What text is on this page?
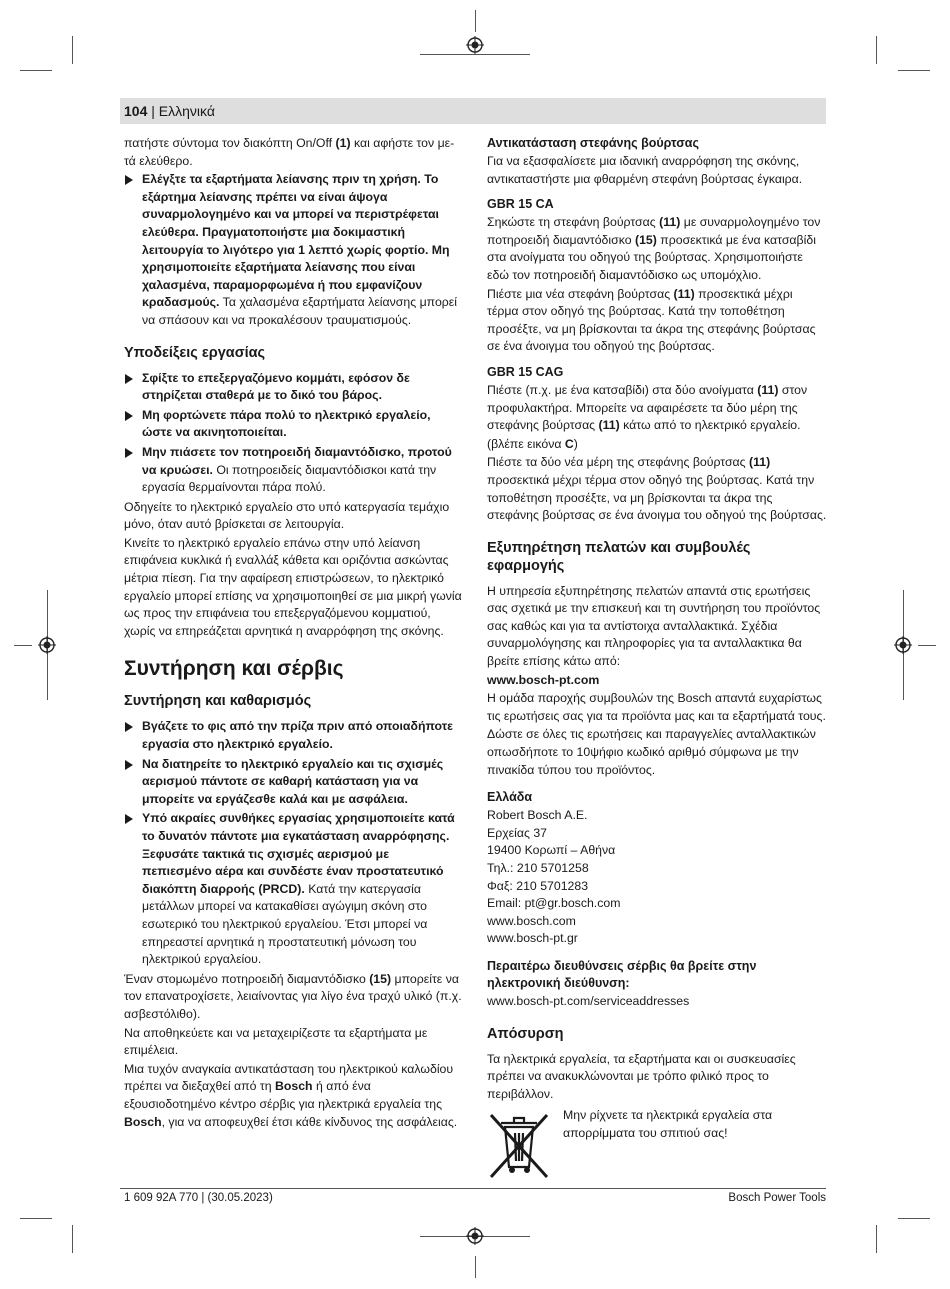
104 | Ελληνικά

πατήστε σύντομα τον διακόπτη On/Off (1) και αφήστε τον με-τά ελεύθερο.

Ελέγξτε τα εξαρτήματα λείανσης πριν τη χρήση. Το εξάρτημα λείανσης πρέπει να είναι άψογα συναρμολογημένο και να μπορεί να περιστρέφεται ελεύθερα. Πραγματοποιήστε μια δοκιμαστική λειτουργία το λιγότερο για 1 λεπτό χωρίς φορτίο. Μη χρησιμοποιείτε εξαρτήματα λείανσης που είναι χαλασμένα, παραμορφωμένα ή που εμφανίζουν κραδασμούς. Τα χαλασμένα εξαρτήματα λείανσης μπορεί να σπάσουν και να προκαλέσουν τραυματισμούς.
Υποδείξεις εργασίας
Σφίξτε το επεξεργαζόμενο κομμάτι, εφόσον δε στηρίζεται σταθερά με το δικό του βάρος.
Μη φορτώνετε πάρα πολύ το ηλεκτρικό εργαλείο, ώστε να ακινητοποιείται.
Μην πιάσετε τον ποτηροειδή διαμαντόδισκο, προτού να κρυώσει. Οι ποτηροειδείς διαμαντόδισκοι κατά την εργασία θερμαίνονται πάρα πολύ.

Οδηγείτε το ηλεκτρικό εργαλείο στο υπό κατεργασία τεμάχιο μόνο, όταν αυτό βρίσκεται σε λειτουργία.

Κινείτε το ηλεκτρικό εργαλείο επάνω στην υπό λείανση επιφάνεια κυκλικά ή εναλλάξ κάθετα και οριζόντια ασκώντας μέτρια πίεση. Για την αφαίρεση επιστρώσεων, το ηλεκτρικό εργαλείο μπορεί επίσης να χρησιμοποιηθεί σε μια μικρή γωνία ως προς την επιφάνεια του επεξεργαζόμενου κομματιού, χωρίς να επηρεάζεται αρνητικά η αναρρόφηση της σκόνης.

Συντήρηση και σέρβις
Συντήρηση και καθαρισμός
Βγάζετε το φις από την πρίζα πριν από οποιαδήποτε εργασία στο ηλεκτρικό εργαλείο.
Να διατηρείτε το ηλεκτρικό εργαλείο και τις σχισμές αερισμού πάντοτε σε καθαρή κατάσταση για να μπορείτε να εργάζεσθε καλά και με ασφάλεια.
Υπό ακραίες συνθήκες εργασίας χρησιμοποιείτε κατά το δυνατόν πάντοτε μια εγκατάσταση αναρρόφησης. Ξεφυσάτε τακτικά τις σχισμές αερισμού με πεπιεσμένο αέρα και συνδέστε έναν προστατευτικό διακόπτη διαρροής (PRCD). Κατά την κατεργασία μετάλλων μπορεί να κατακαθίσει αγώγιμη σκόνη στο εσωτερικό του ηλεκτρικού εργαλείου. Έτσι μπορεί να επηρεαστεί αρνητικά η προστατευτική μόνωση του ηλεκτρικού εργαλείου.

Έναν στομωμένο ποτηροειδή διαμαντόδισκο (15) μπορείτε να τον επανατροχίσετε, λειαίνοντας για λίγο ένα τραχύ υλικό (π.χ. ασβεστόλιθο).

Να αποθηκεύετε και να μεταχειρίζεστε τα εξαρτήματα με επιμέλεια.

Μια τυχόν αναγκαία αντικατάσταση του ηλεκτρικού καλωδίου πρέπει να διεξαχθεί από τη Bosch ή από ένα εξουσιοδοτημένο κέντρο σέρβις για ηλεκτρικά εργαλεία της Bosch, για να αποφευχθεί έτσι κάθε κίνδυνος της ασφάλειας.

Αντικατάσταση στεφάνης βούρτσας

Για να εξασφαλίσετε μια ιδανική αναρρόφηση της σκόνης, αντικαταστήστε μια φθαρμένη στεφάνη βούρτσας έγκαιρα.

GBR 15 CA

Σηκώστε τη στεφάνη βούρτσας (11) με συναρμολογημένο τον ποτηροειδή διαμαντόδισκο (15) προσεκτικά με ένα κατσαβίδι στα ανοίγματα του οδηγού της βούρτσας. Χρησιμοποιήστε εδώ τον ποτηροειδή διαμαντόδισκο ως υπομόχλιο.

Πιέστε μια νέα στεφάνη βούρτσας (11) προσεκτικά μέχρι τέρμα στον οδηγό της βούρτσας. Κατά την τοποθέτηση προσέξτε, να μη βρίσκονται τα άκρα της στεφάνης βούρτσας σε ένα άνοιγμα του οδηγού της βούρτσας.

GBR 15 CAG

Πιέστε (π.χ. με ένα κατσαβίδι) στα δύο ανοίγματα (11) στον προφυλακτήρα. Μπορείτε να αφαιρέσετε τα δύο μέρη της στεφάνης βούρτσας (11) κάτω από το ηλεκτρικό εργαλείο.

(βλέπε εικόνα C)

Πιέστε τα δύο νέα μέρη της στεφάνης βούρτσας (11) προσεκτικά μέχρι τέρμα στον οδηγό της βούρτσας. Κατά την τοποθέτηση προσέξτε, να μη βρίσκονται τα άκρα της στεφάνης βούρτσας σε ένα άνοιγμα του οδηγού της βούρτσας.

Εξυπηρέτηση πελατών και συμβουλές εφαρμογής

Η υπηρεσία εξυπηρέτησης πελατών απαντά στις ερωτήσεις σας σχετικά με την επισκευή και τη συντήρηση του προϊόντος σας καθώς και για τα αντίστοιχα ανταλλακτικά. Σχέδια συναρμολόγησης και πληροφορίες για τα ανταλλακτικα θα βρείτε επίσης κάτω από:

www.bosch-pt.com

Η ομάδα παροχής συμβουλών της Bosch απαντά ευχαρίστως τις ερωτήσεις σας για τα προϊόντα μας και τα εξαρτήματά τους.

Δώστε σε όλες τις ερωτήσεις και παραγγελίες ανταλλακτικών οπωσδήποτε το 10ψήφιο κωδικό αριθμό σύμφωνα με την πινακίδα τύπου του προϊόντος.

Ελλάδα
Robert Bosch A.E.
Ερχείας 37
19400 Κορωπί – Αθήνα
Τηλ.: 210 5701258
Φαξ: 210 5701283
Email: pt@gr.bosch.com
www.bosch.com
www.bosch-pt.gr
Περαιτέρω διευθύνσεις σέρβις θα βρείτε στην ηλεκτρονική διεύθυνση:

www.bosch-pt.com/serviceaddresses

Απόσυρση

Τα ηλεκτρικά εργαλεία, τα εξαρτήματα και οι συσκευασίες πρέπει να ανακυκλώνονται με τρόπο φιλικό προς το περιβάλλον.

Μην ρίχνετε τα ηλεκτρικά εργαλεία στα απορρίμματα του σπιτιού σας!
1 609 92A 770 | (30.05.2023)	Bosch Power Tools
